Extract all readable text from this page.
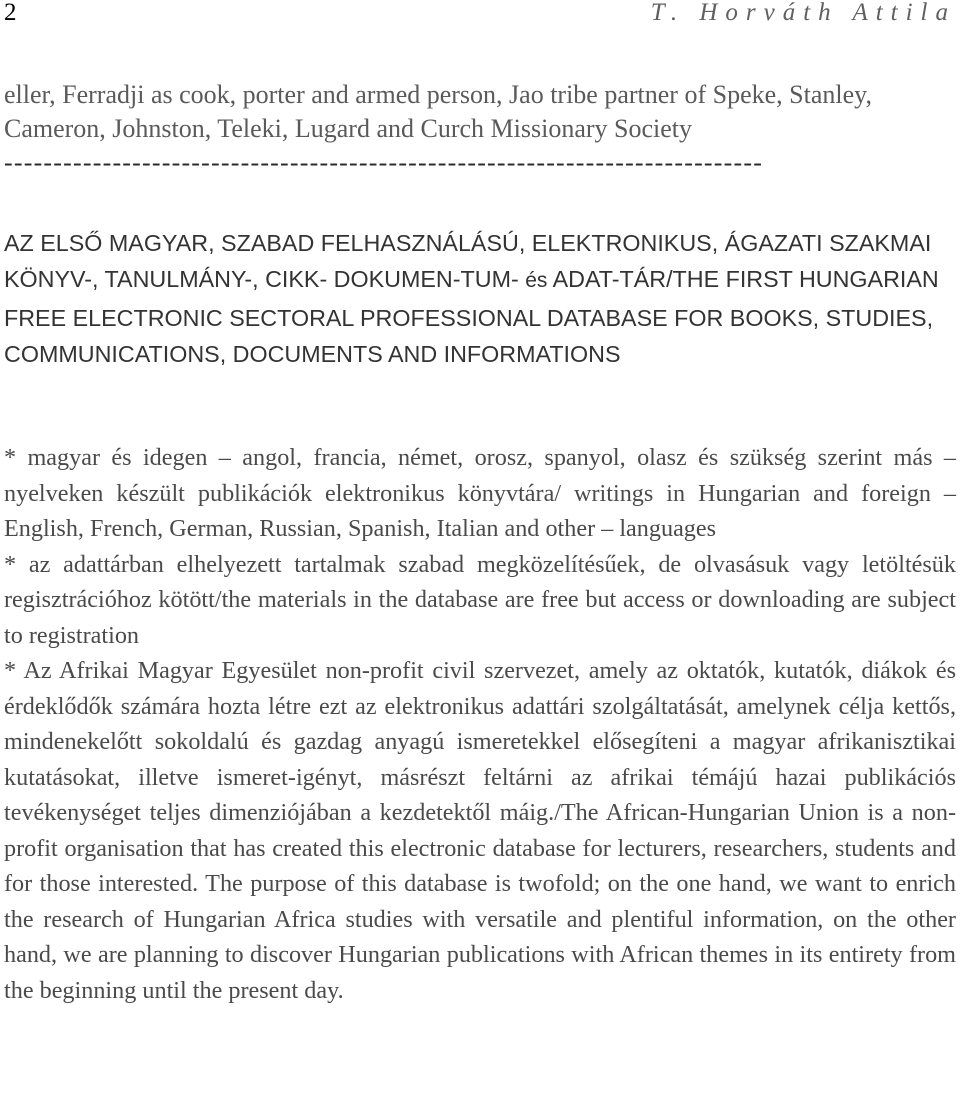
2	T. Horváth Attila

eller, Ferradji as cook, porter and armed person, Jao tribe partner of Speke, Stanley, Cameron, Johnston, Teleki, Lugard and Curch Missionary Society

-----------------------------------------------------------------------------
AZ ELSŐ MAGYAR, SZABAD FELHASZNÁLÁSÚ, ELEKTRONIKUS, ÁGAZATI SZAKMAI KÖNYV-, TANULMÁNY-, CIKK- DOKUMEN-TUM- és ADAT-TÁR/THE FIRST HUNGARIAN FREE ELECTRONIC SECTORAL PROFESSIONAL DATABASE FOR BOOKS, STUDIES, COMMUNICATIONS, DOCUMENTS AND INFORMATIONS

* magyar és idegen – angol, francia, német, orosz, spanyol, olasz és szükség szerint más – nyelveken készült publikációk elektronikus könyvtára/ writings in Hungarian and foreign – English, French, German, Russian, Spanish, Italian and other – languages

* az adattárban elhelyezett tartalmak szabad megközelítésűek, de olvasásuk vagy letöltésük regisztrációhoz kötött/the materials in the database are free but access or downloading are subject to registration

* Az Afrikai Magyar Egyesület non-profit civil szervezet, amely az oktatók, kutatók, diákok és érdeklődők számára hozta létre ezt az elektronikus adattári szolgáltatását, amelynek célja kettős, mindenekelőtt sokoldalú és gazdag anyagú ismeretekkel elősegíteni a magyar afrikanisztikai kutatásokat, illetve ismeret-igényt, másrészt feltárni az afrikai témájú hazai publikációs tevékenységet teljes dimenziójában a kezdetektől máig./The African-Hungarian Union is a non-profit organisation that has created this electronic database for lecturers, researchers, students and for those interested. The purpose of this database is twofold; on the one hand, we want to enrich the research of Hungarian Africa studies with versatile and plentiful information, on the other hand, we are planning to discover Hungarian publications with African themes in its entirety from the beginning until the present day.
